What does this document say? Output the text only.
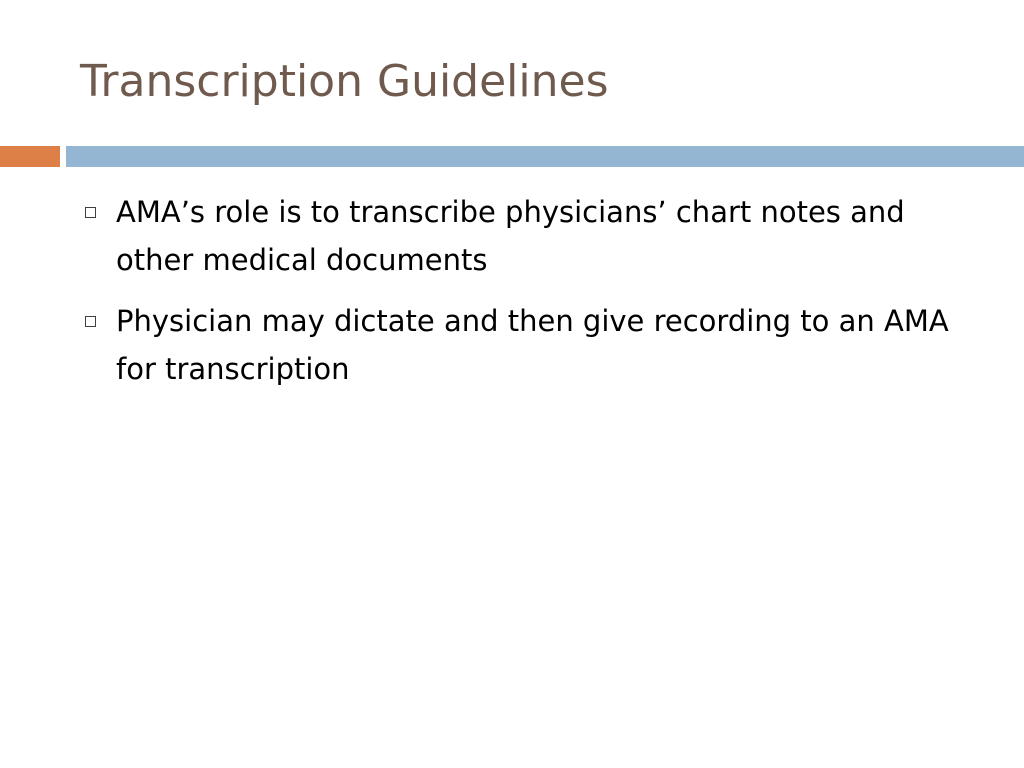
Transcription Guidelines
AMA’s role is to transcribe physicians’ chart notes and other medical documents
Physician may dictate and then give recording to an AMA for transcription
